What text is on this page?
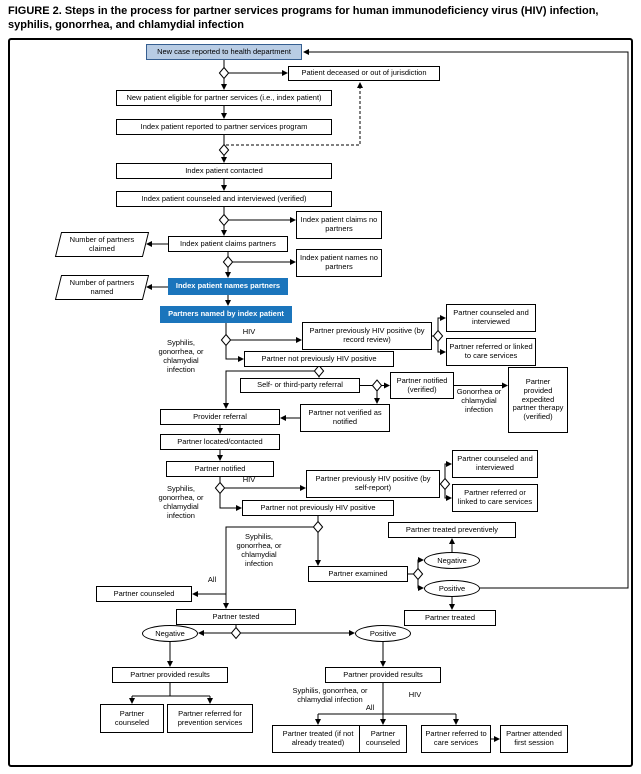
FIGURE 2. Steps in the process for partner services programs for human immunodeficiency virus (HIV) infection, syphilis, gonorrhea, and chlamydial infection
New case reported to health department
Patient deceased or out of jurisdiction
New patient eligible for partner services (i.e., index patient)
Index patient reported to partner services program
Index patient contacted
Index patient counseled and interviewed (verified)
Index patient claims no partners
Index patient claims partners
Number of partners claimed
Index patient names no partners
Index patient names partners
Number of partners named
Partners named by index patient
Partner previously HIV positive (by record review)
Partner counseled and interviewed
Partner referred or linked to care services
Partner not previously HIV positive
Self- or third-party referral	Partner notified (verified)
Partner provided expedited partner therapy (verified)
Provider referral	Partner not verified as notified
Partner located/contacted
Partner notified
Partner previously HIV positive (by self-report)
Partner counseled and interviewed
Partner referred or linked to care services
Partner not previously HIV positive
Partner treated preventively
Partner examined
Negative
Positive
Partner treated
Partner counseled
Partner tested
Negative	Positive
Partner provided results	Partner provided results
Partner counseled
Partner referred for prevention services
Partner treated (if not already treated)
Partner counseled
Partner referred to care services
Partner attended first session
HIV
Syphilis, gonorrhea, or chlamydial infection
Gonorrhea or chlamydial infection
HIV
Syphilis, gonorrhea, or chlamydial infection
Syphilis, gonorrhea, or chlamydial infection
All
Syphilis, gonorrhea, or chlamydial infection
HIV
All
